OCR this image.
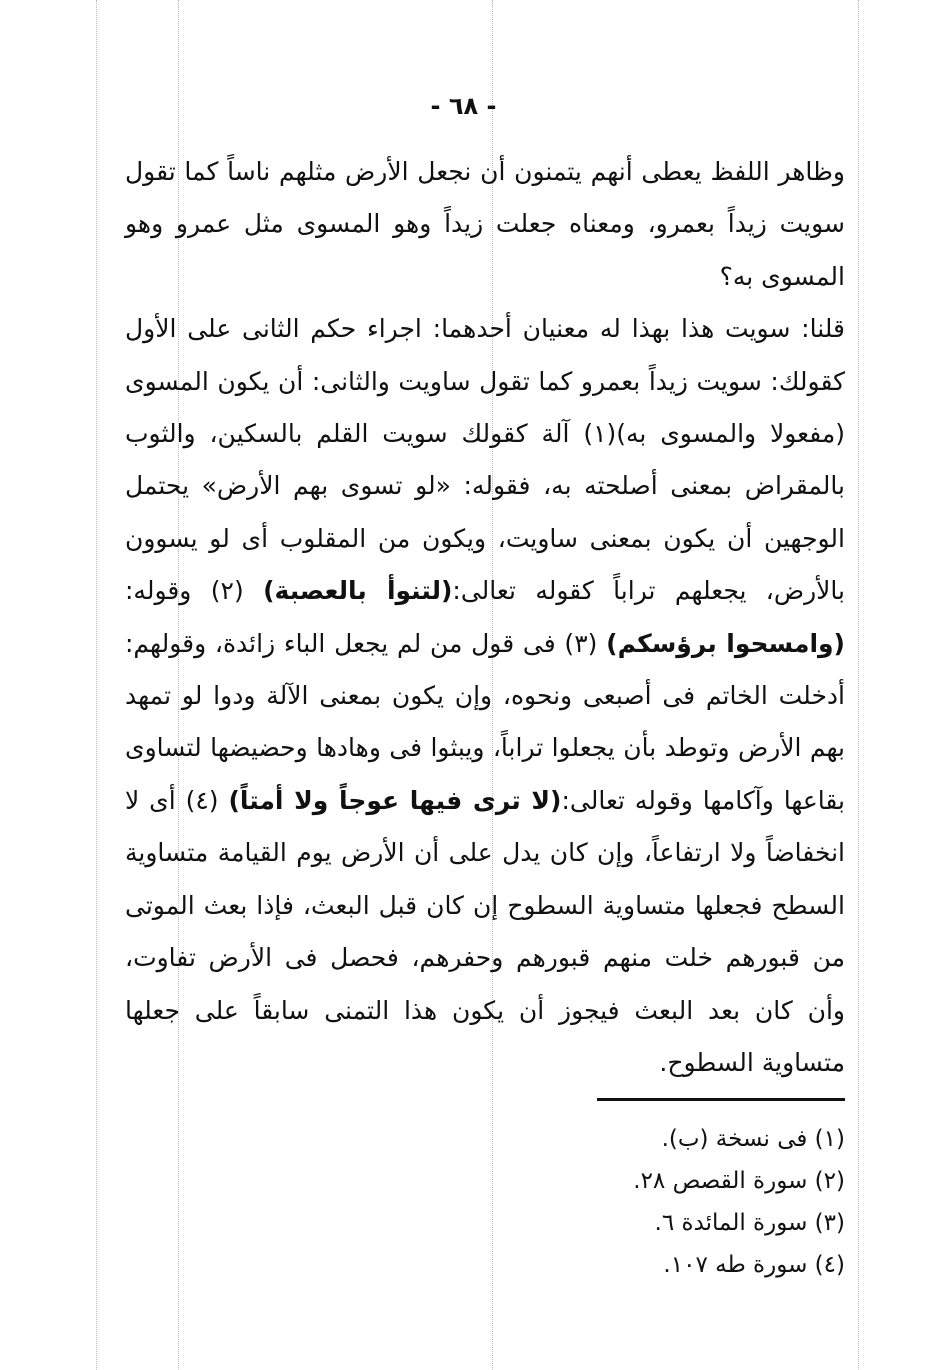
- ٦٨ -

وظاهر اللفظ يعطى أنهم يتمنون أن نجعل الأرض مثلهم ناساً كما تقول سويت زيداً بعمرو، ومعناه جعلت زيداً وهو المسوى مثل عمرو وهو المسوى به؟

قلنا: سويت هذا بهذا له معنيان أحدهما: اجراء حكم الثانى على الأول كقولك: سويت زيداً بعمرو كما تقول ساويت والثانى: أن يكون المسوى (مفعولا والمسوى به)(١) آلة كقولك سويت القلم بالسكين، والثوب بالمقراض بمعنى أصلحته به، فقوله: «لو تسوى بهم الأرض» يحتمل الوجهين أن يكون بمعنى ساويت، ويكون من المقلوب أى لو يسوون بالأرض، يجعلهم تراباً كقوله تعالى:(لتنوأ بالعصبة) (٢) وقوله:(وامسحوا برؤسكم) (٣) فى قول من لم يجعل الباء زائدة، وقولهم: أدخلت الخاتم فى أصبعى ونحوه، وإن يكون بمعنى الآلة ودوا لو تمهد بهم الأرض وتوطد بأن يجعلوا تراباً، ويبثوا فى وهادها وحضيضها لتساوى بقاعها وآكامها وقوله تعالى:(لا ترى فيها عوجاً ولا أمتاً) (٤) أى لا انخفاضاً ولا ارتفاعاً، وإن كان يدل على أن الأرض يوم القيامة متساوية السطح فجعلها متساوية السطوح إن كان قبل البعث، فإذا بعث الموتى من قبورهم خلت منهم قبورهم وحفرهم، فحصل فى الأرض تفاوت، وأن كان بعد البعث فيجوز أن يكون هذا التمنى سابقاً على جعلها متساوية السطوح.

(١) فى نسخة (ب).

(٢) سورة القصص ٢٨.

(٣) سورة المائدة ٦.

(٤) سورة طه ١٠٧.
